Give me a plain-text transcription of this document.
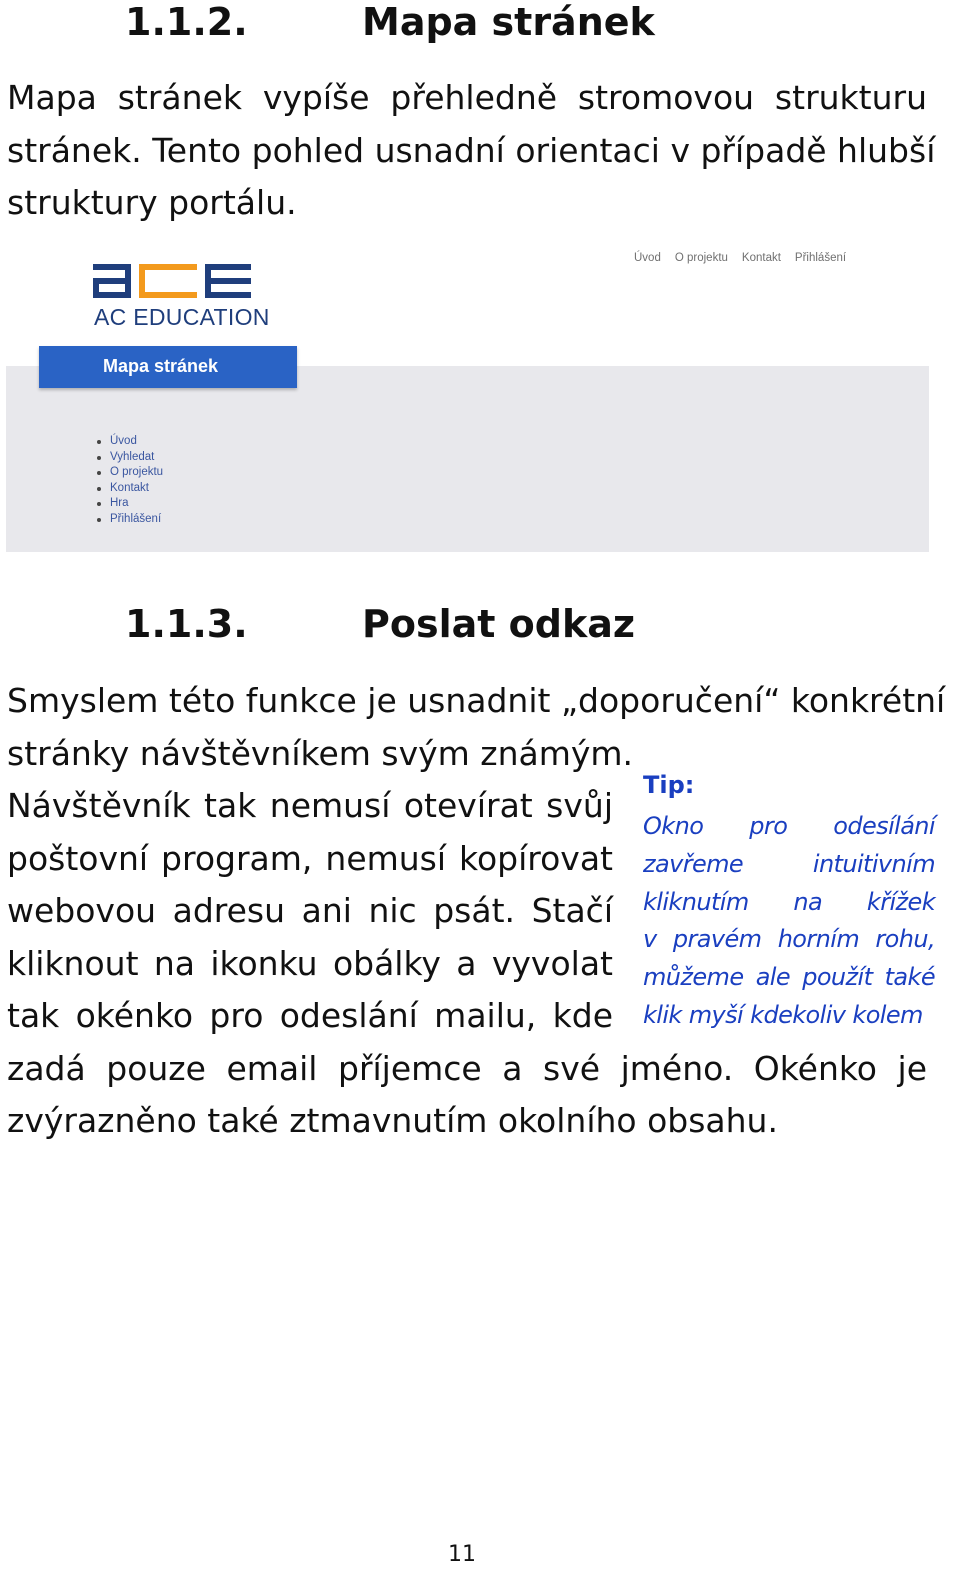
1.1.2.	Mapa stránek
Mapa stránek vypíše přehledně stromovou strukturu
stránek. Tento pohled usnadní orientaci v případě hlubší
struktury portálu.
AC EDUCATION
Úvod O projektu Kontakt Přihlášení
Mapa stránek
Úvod
Vyhledat
O projektu
Kontakt
Hra
Přihlášení
1.1.3.	Poslat odkaz
Smyslem této funkce je usnadnit „doporučení“ konkrétní
stránky návštěvníkem svým známým.
Návštěvník tak nemusí otevírat svůj
poštovní program, nemusí kopírovat
webovou adresu ani nic psát. Stačí
kliknout na ikonku obálky a vyvolat
tak okénko pro odeslání mailu, kde
zadá pouze email příjemce a své jméno. Okénko je
zvýrazněno také ztmavnutím okolního obsahu.
Tip:
Okno pro odesílání
zavřeme intuitivním
kliknutím na křížek
v pravém horním rohu,
můžeme ale použít také
klik myší kdekoliv kolem
11
